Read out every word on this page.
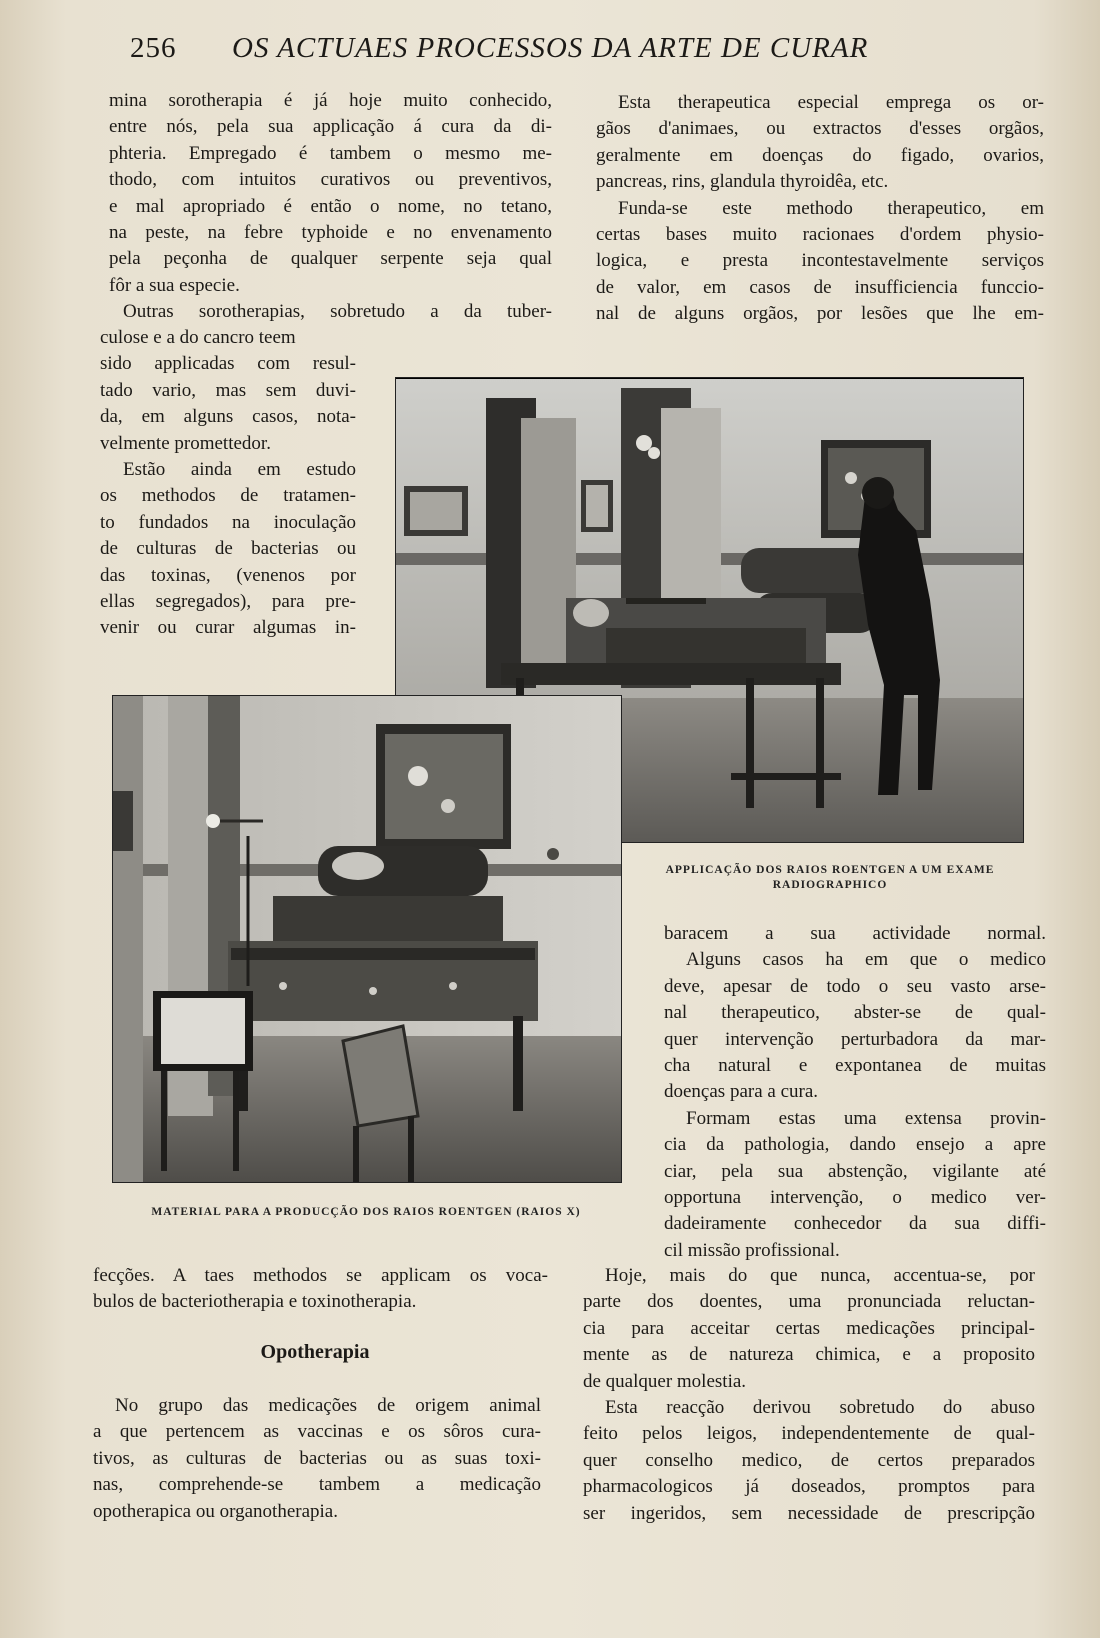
256 OS ACTUAES PROCESSOS DA ARTE DE CURAR
mina sorotherapia é já hoje muito conhecido,
entre nós, pela sua applicação á cura da di-
phteria. Empregado é tambem o mesmo me-
thodo, com intuitos curativos ou preventivos,
e mal apropriado é então o nome, no tetano,
na peste, na febre typhoide e no envenamento
pela peçonha de qualquer serpente seja qual
fôr a sua especie.
Outras sorotherapias, sobretudo a da tuber-
culose e a do cancro teem
sido applicadas com resul-
tado vario, mas sem duvi-
da, em alguns casos, nota-
velmente promettedor.
Estão ainda em estudo
os methodos de tratamen-
to fundados na inoculação
de culturas de bacterias ou
das toxinas, (venenos por
ellas segregados), para pre-
venir ou curar algumas in-
Esta therapeutica especial emprega os or-
gãos d'animaes, ou extractos d'esses orgãos,
geralmente em doenças do figado, ovarios,
pancreas, rins, glandula thyroidêa, etc.
Funda-se este methodo therapeutico, em
certas bases muito racionaes d'ordem physio-
logica, e presta incontestavelmente serviços
de valor, em casos de insufficiencia funccio-
nal de alguns orgãos, por lesões que lhe em-
APPLICAÇÃO DOS RAIOS ROENTGEN A UM EXAME
RADIOGRAPHICO
MATERIAL PARA A PRODUCÇÃO DOS RAIOS ROENTGEN (RAIOS X)
baracem a sua actividade normal.
Alguns casos ha em que o medico
deve, apesar de todo o seu vasto arse-
nal therapeutico, abster-se de qual-
quer intervenção perturbadora da mar-
cha natural e expontanea de muitas
doenças para a cura.
Formam estas uma extensa provin-
cia da pathologia, dando ensejo a apre
ciar, pela sua abstenção, vigilante até
opportuna intervenção, o medico ver-
dadeiramente conhecedor da sua diffi-
cil missão profissional.
fecções. A taes methodos se applicam os voca-
bulos de bacteriotherapia e toxinotherapia.
Opotherapia
No grupo das medicações de origem animal
a que pertencem as vaccinas e os sôros cura-
tivos, as culturas de bacterias ou as suas toxi-
nas, comprehende-se tambem a medicação
opotherapica ou organotherapia.
Hoje, mais do que nunca, accentua-se, por
parte dos doentes, uma pronunciada reluctan-
cia para acceitar certas medicações principal-
mente as de natureza chimica, e a proposito
de qualquer molestia.
Esta reacção derivou sobretudo do abuso
feito pelos leigos, independentemente de qual-
quer conselho medico, de certos preparados
pharmacologicos já doseados, promptos para
ser ingeridos, sem necessidade de prescripção
